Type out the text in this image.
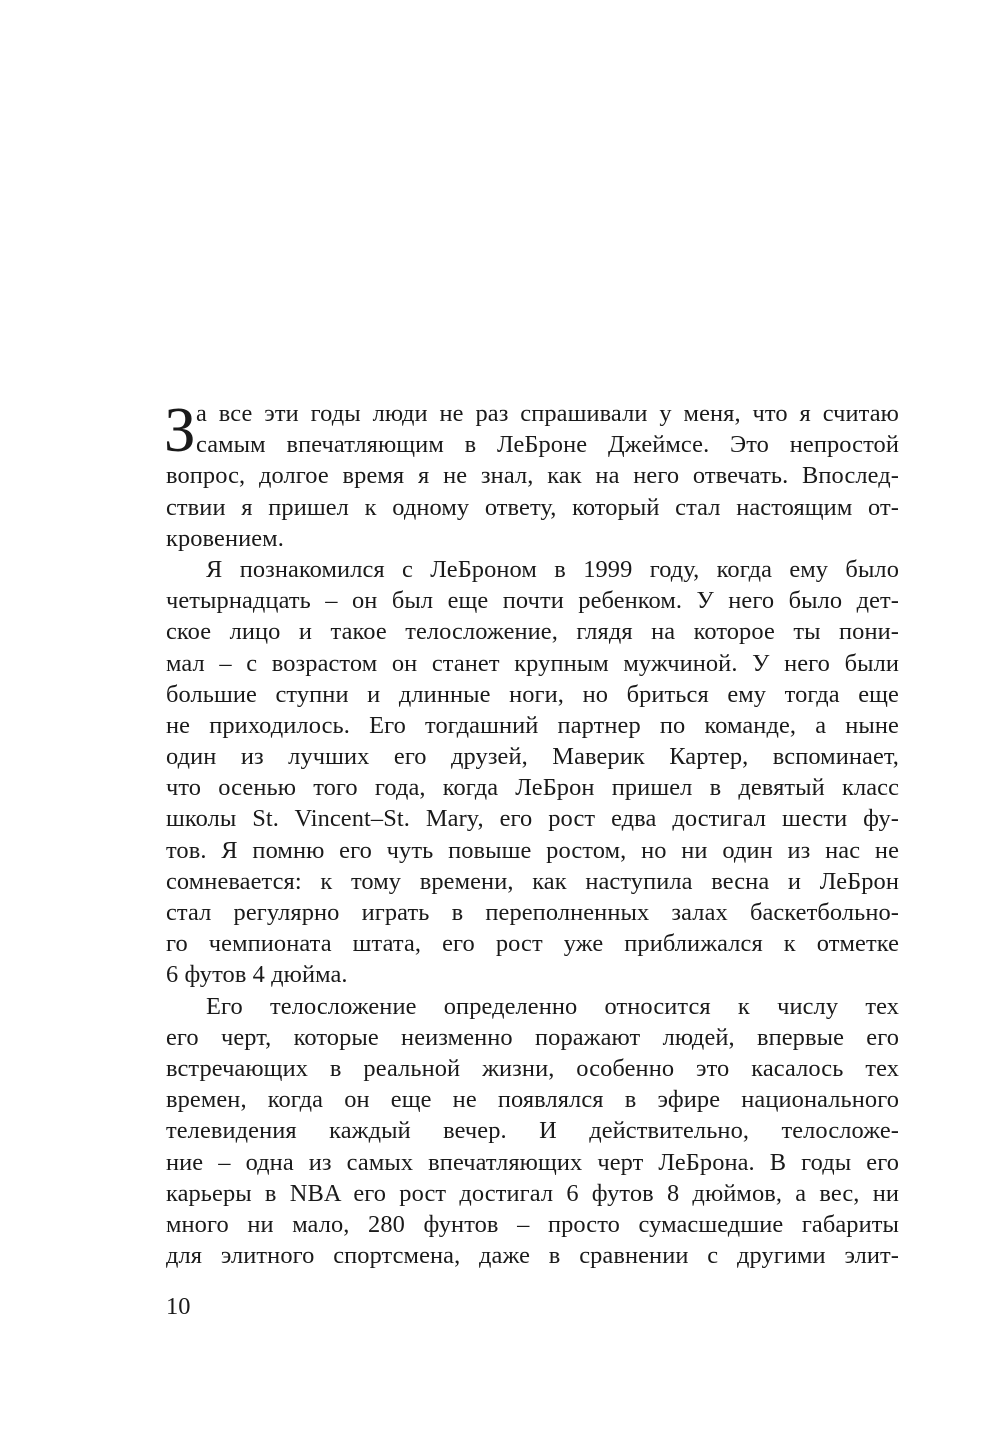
З а все эти годы люди не раз спрашивали у меня, что я считаю
самым впечатляющим в ЛеБроне Джеймсе. Это непростой
вопрос, долгое время я не знал, как на него отвечать. Впослед-
ствии я пришел к одному ответу, который стал настоящим от-
кровением.
Я познакомился с ЛеБроном в 1999 году, когда ему было
четырнадцать – он был еще почти ребенком. У него было дет-
ское лицо и такое телосложение, глядя на которое ты пони-
мал – с возрастом он станет крупным мужчиной. У него были
большие ступни и длинные ноги, но бриться ему тогда еще
не приходилось. Его тогдашний партнер по команде, а ныне
один из лучших его друзей, Маверик Картер, вспоминает,
что осенью того года, когда ЛеБрон пришел в девятый класс
школы St. Vincent–St. Mary, его рост едва достигал шести фу-
тов. Я помню его чуть повыше ростом, но ни один из нас не
сомневается: к тому времени, как наступила весна и ЛеБрон
стал регулярно играть в переполненных залах баскетбольно-
го чемпионата штата, его рост уже приближался к отметке
6 футов 4 дюйма.
Его телосложение определенно относится к числу тех
его черт, которые неизменно поражают людей, впервые его
встречающих в реальной жизни, особенно это касалось тех
времен, когда он еще не появлялся в эфире национального
телевидения каждый вечер. И действительно, телосложе-
ние – одна из самых впечатляющих черт ЛеБрона. В годы его
карьеры в NBA его рост достигал 6 футов 8 дюймов, а вес, ни
много ни мало, 280 фунтов – просто сумасшедшие габариты
для элитного спортсмена, даже в сравнении с другими элит-
10
